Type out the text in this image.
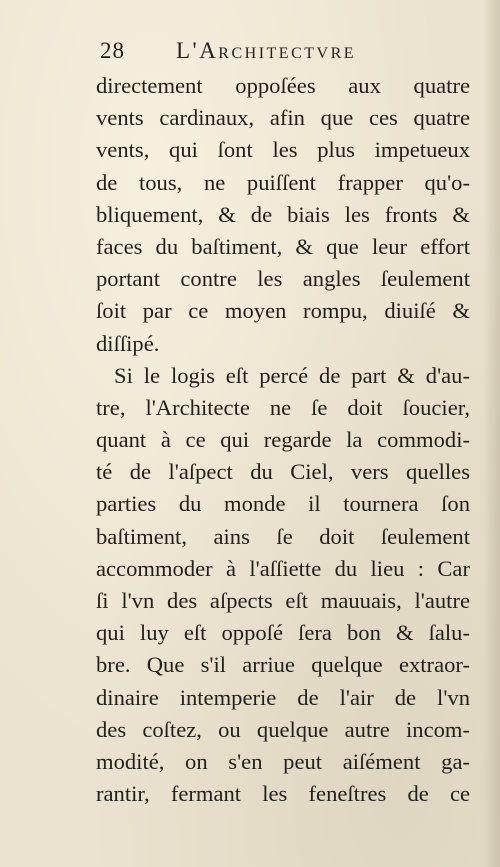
28 L'Architectvre
directement oppoſées aux quatre
vents cardinaux, afin que ces quatre
vents, qui ſont les plus impetueux
de tous, ne puiſſent frapper qu'o-
bliquement, & de biais les fronts &
faces du baſtiment, & que leur effort
portant contre les angles ſeulement
ſoit par ce moyen rompu, diuiſé &
diſſipé.
Si le logis eſt percé de part & d'au-
tre, l'Architecte ne ſe doit ſoucier,
quant à ce qui regarde la commodi-
té de l'aſpect du Ciel, vers quelles
parties du monde il tournera ſon
baſtiment, ains ſe doit ſeulement
accommoder à l'aſſiette du lieu : Car
ſi l'vn des aſpects eſt mauuais, l'autre
qui luy eſt oppoſé ſera bon & ſalu-
bre. Que s'il arriue quelque extraor-
dinaire intemperie de l'air de l'vn
des coſtez, ou quelque autre incom-
modité, on s'en peut aiſément ga-
rantir, fermant les feneſtres de ce
